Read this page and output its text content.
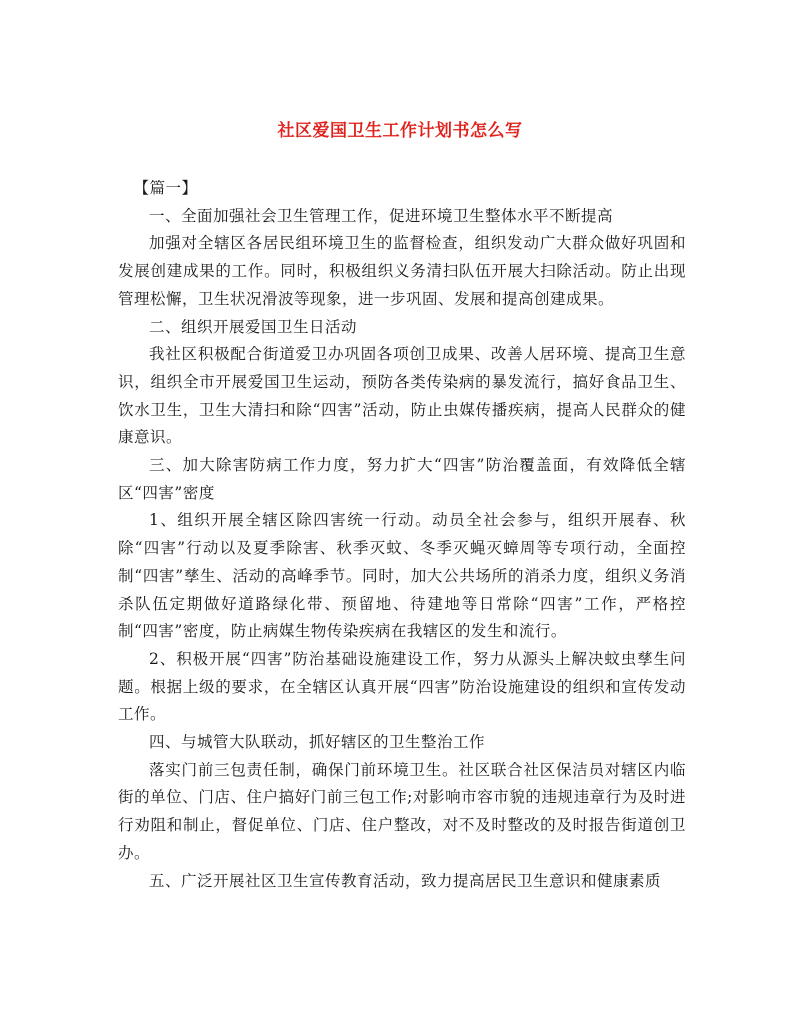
社区爱国卫生工作计划书怎么写

【篇一】

一、全面加强社会卫生管理工作，促进环境卫生整体水平不断提高

加强对全辖区各居民组环境卫生的监督检查，组织发动广大群众做好巩固和发展创建成果的工作。同时，积极组织义务清扫队伍开展大扫除活动。防止出现管理松懈，卫生状况滑波等现象，进一步巩固、发展和提高创建成果。

二、组织开展爱国卫生日活动

我社区积极配合街道爱卫办巩固各项创卫成果、改善人居环境、提高卫生意识，组织全市开展爱国卫生运动，预防各类传染病的暴发流行，搞好食品卫生、饮水卫生，卫生大清扫和除“四害”活动，防止虫媒传播疾病，提高人民群众的健康意识。

三、加大除害防病工作力度，努力扩大“四害”防治覆盖面，有效降低全辖区“四害”密度

1、组织开展全辖区除四害统一行动。动员全社会参与，组织开展春、秋除“四害”行动以及夏季除害、秋季灭蚊、冬季灭蝇灭蟑周等专项行动，全面控制“四害”孳生、活动的高峰季节。同时，加大公共场所的消杀力度，组织义务消杀队伍定期做好道路绿化带、预留地、待建地等日常除“四害”工作，严格控制“四害”密度，防止病媒生物传染疾病在我辖区的发生和流行。

2、积极开展“四害”防治基础设施建设工作，努力从源头上解决蚊虫孳生问题。根据上级的要求，在全辖区认真开展“四害”防治设施建设的组织和宣传发动工作。

四、与城管大队联动，抓好辖区的卫生整治工作

落实门前三包责任制，确保门前环境卫生。社区联合社区保洁员对辖区内临街的单位、门店、住户搞好门前三包工作;对影响市容市貌的违规违章行为及时进行劝阻和制止，督促单位、门店、住户整改，对不及时整改的及时报告街道创卫办。

五、广泛开展社区卫生宣传教育活动，致力提高居民卫生意识和健康素质
